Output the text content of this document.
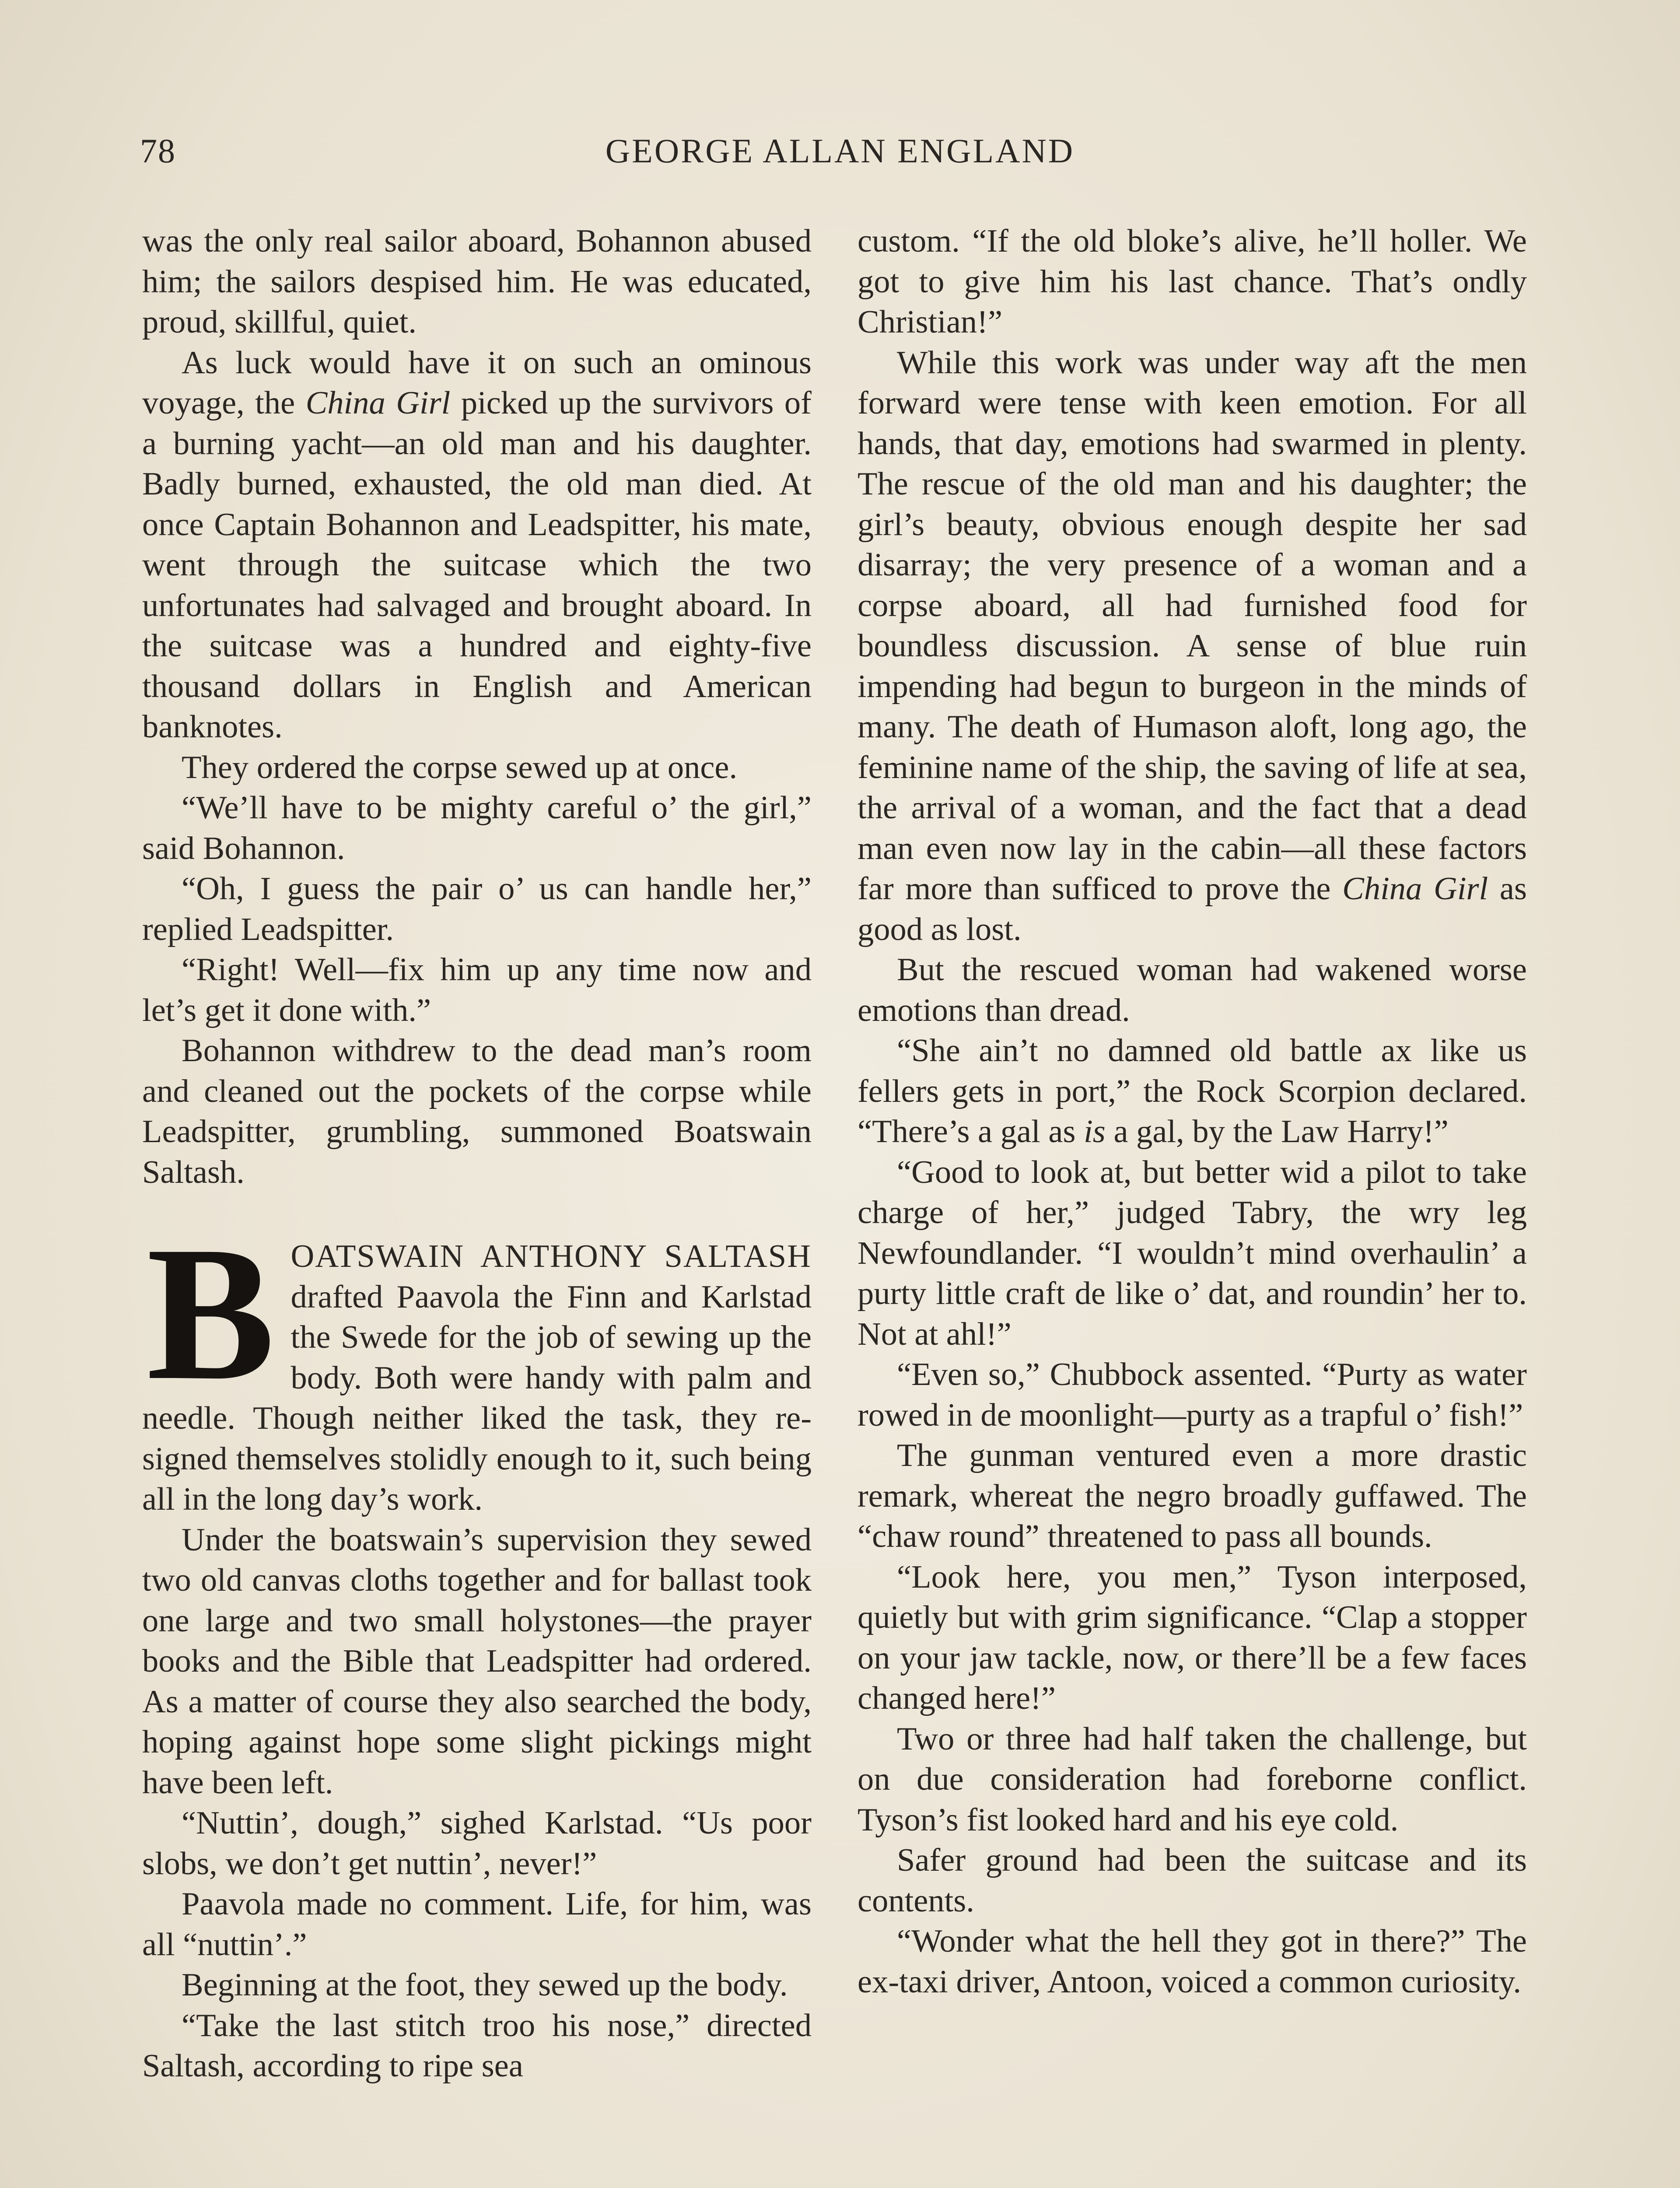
78	GEORGE ALLAN ENGLAND

was the only real sailor aboard, Bohannon abused him; the sailors despised him. He was educated, proud, skillful, quiet.

As luck would have it on such an ominous voyage, the China Girl picked up the survivors of a burning yacht—an old man and his daughter. Badly burned, exhausted, the old man died. At once Captain Bohannon and Leadspitter, his mate, went through the suitcase which the two unfortunates had salvaged and brought aboard. In the suitcase was a hundred and eighty-five thousand dollars in English and American banknotes.

They ordered the corpse sewed up at once.

“We’ll have to be mighty careful o’ the girl,” said Bohannon.

“Oh, I guess the pair o’ us can handle her,” replied Leadspitter.

“Right! Well—fix him up any time now and let’s get it done with.”

Bohannon withdrew to the dead man’s room and cleaned out the pockets of the corpse while Leadspitter, grumbling, summoned Boatswain Saltash.

BOATSWAIN ANTHONY SALTASH drafted Paavola the Finn and Karlstad the Swede for the job of sewing up the body. Both were handy with palm and needle. Though neither liked the task, they resigned themselves stolidly enough to it, such being all in the long day’s work.

Under the boatswain’s supervision they sewed two old canvas cloths together and for ballast took one large and two small holystones—the prayer books and the Bible that Leadspitter had ordered. As a matter of course they also searched the body, hoping against hope some slight pickings might have been left.

“Nuttin’, dough,” sighed Karlstad. “Us poor slobs, we don’t get nuttin’, never!”

Paavola made no comment. Life, for him, was all “nuttin’.”

Beginning at the foot, they sewed up the body.

“Take the last stitch troo his nose,” directed Saltash, according to ripe sea

custom. “If the old bloke’s alive, he’ll holler. We got to give him his last chance. That’s ondly Christian!”

While this work was under way aft the men forward were tense with keen emotion. For all hands, that day, emotions had swarmed in plenty. The rescue of the old man and his daughter; the girl’s beauty, obvious enough despite her sad disarray; the very presence of a woman and a corpse aboard, all had furnished food for boundless discussion. A sense of blue ruin impending had begun to burgeon in the minds of many. The death of Humason aloft, long ago, the feminine name of the ship, the saving of life at sea, the arrival of a woman, and the fact that a dead man even now lay in the cabin—all these factors far more than sufficed to prove the China Girl as good as lost.

But the rescued woman had wakened worse emotions than dread.

“She ain’t no damned old battle ax like us fellers gets in port,” the Rock Scorpion declared. “There’s a gal as is a gal, by the Law Harry!”

“Good to look at, but better wid a pilot to take charge of her,” judged Tabry, the wry leg Newfoundlander. “I wouldn’t mind overhaulin’ a purty little craft de like o’ dat, and roundin’ her to. Not at ahl!”

“Even so,” Chubbock assented. “Purty as water rowed in de moonlight—purty as a trapful o’ fish!”

The gunman ventured even a more drastic remark, whereat the negro broadly guffawed. The “chaw round” threatened to pass all bounds.

“Look here, you men,” Tyson interposed, quietly but with grim significance. “Clap a stopper on your jaw tackle, now, or there’ll be a few faces changed here!”

Two or three had half taken the challenge, but on due consideration had foreborne conflict. Tyson’s fist looked hard and his eye cold.

Safer ground had been the suitcase and its contents.

“Wonder what the hell they got in there?” The ex-taxi driver, Antoon, voiced a common curiosity.
